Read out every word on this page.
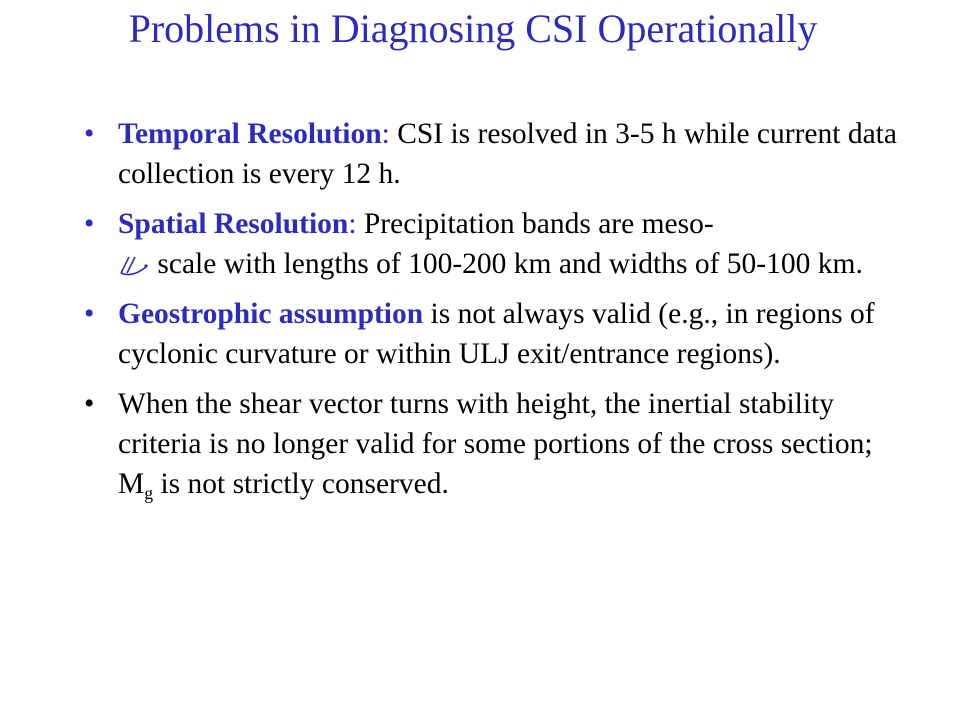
Problems in Diagnosing CSI Operationally
• Temporal Resolution: CSI is resolved in 3-5 h while current data collection is every 12 h.
• Spatial Resolution: Precipitation bands are meso-
scale with lengths of 100-200 km and widths of 50-100 km.
• Geostrophic assumption is not always valid (e.g., in regions of cyclonic curvature or within ULJ exit/entrance regions).
• When the shear vector turns with height, the inertial stability criteria is no longer valid for some portions of the cross section; $M_g$ is not strictly conserved.
